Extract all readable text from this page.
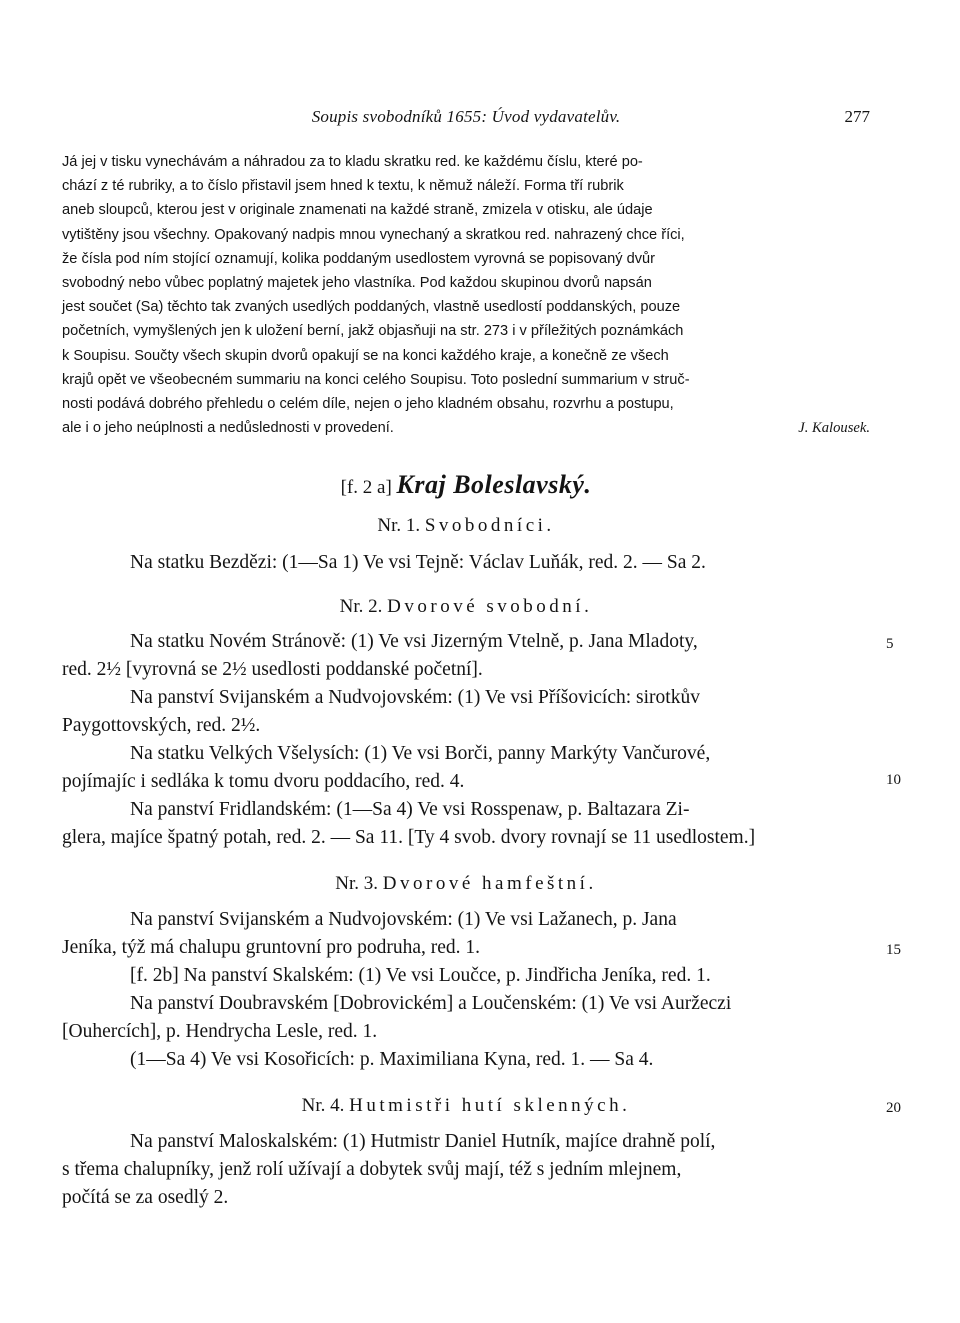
Soupis svobodníků 1655: Úvod vydavatelův.	277
Já jej v tisku vynechávám a náhradou za to kladu skratku red. ke každému číslu, které po-
chází z té rubriky, a to číslo přistavil jsem hned k textu, k němuž náleží. Forma tří rubrik
aneb sloupců, kterou jest v originale znamenati na každé straně, zmizela v otisku, ale údaje
vytištěny jsou všechny. Opakovaný nadpis mnou vynechaný a skratkou red. nahrazený chce říci,
že čísla pod ním stojící oznamují, kolika poddaným usedlostem vyrovná se popisovaný dvůr
svobodný nebo vůbec poplatný majetek jeho vlastníka. Pod každou skupinou dvorů napsán
jest součet (Sa) těchto tak zvaných usedlých poddaných, vlastně usedlostí poddanských, pouze
početních, vymyšlených jen k uložení berní, jakž objasňuji na str. 273 i v příležitých poznámkách
k Soupisu. Součty všech skupin dvorů opakují se na konci každého kraje, a konečně ze všech
krajů opět ve všeobecném summariu na konci celého Soupisu. Toto poslední summarium v struč-
nosti podává dobrého přehledu o celém díle, nejen o jeho kladném obsahu, rozvrhu a postupu,
ale i o jeho neúplnosti a nedůslednosti v provedení.	J. Kalousek.
[f. 2 a] Kraj Boleslavský.
Nr. 1. Svobodníci.
Na statku Bezdězi: (1—Sa 1) Ve vsi Tejně: Václav Luňák, red. 2. — Sa 2.
Nr. 2. Dvorové svobodní.
Na statku Novém Stránově: (1) Ve vsi Jizerným Vtelně, p. Jana Mladoty,
red. 2½ [vyrovná se 2½ usedlosti poddanské početní].
Na panství Svijanském a Nudvojovském: (1) Ve vsi Příšovicích: sirotkův
Paygottovských, red. 2½.
Na statku Velkých Všelysích: (1) Ve vsi Borči, panny Markýty Vančurové,
pojímajíc i sedláka k tomu dvoru poddacího, red. 4.
Na panství Fridlandském: (1—Sa 4) Ve vsi Rosspenaw, p. Baltazara Zi-
glera, majíce špatný potah, red. 2. — Sa 11. [Ty 4 svob. dvory rovnají se 11 usedlostem.]
Nr. 3. Dvorové hamfeštní.
Na panství Svijanském a Nudvojovském: (1) Ve vsi Lažanech, p. Jana
Jeníka, týž má chalupu gruntovní pro podruha, red. 1.
[f. 2b] Na panství Skalském: (1) Ve vsi Loučce, p. Jindřicha Jeníka, red. 1.
Na panství Doubravském [Dobrovickém] a Loučenském: (1) Ve vsi Auržeczi
[Ouhercích], p. Hendrycha Lesle, red. 1.
(1—Sa 4) Ve vsi Kosořicích: p. Maximiliana Kyna, red. 1. — Sa 4.
Nr. 4. Hutmistři hutí sklenných.
Na panství Maloskalském: (1) Hutmistr Daniel Hutník, majíce drahně polí,
s třema chalupníky, jenž rolí užívají a dobytek svůj mají, též s jedním mlejnem,
počítá se za osedlý 2.
5
10
15
20
